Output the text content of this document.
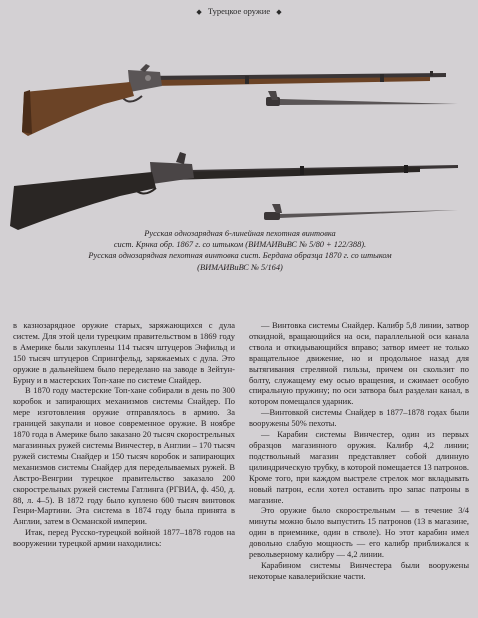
◆ Турецкое оружие ◆

Русская однозарядная 6-линейная пехотная винтовка

сист. Крнка обр. 1867 г. со штыком (ВИМАИВиВС № 5/80 + 122/388).

Русская однозарядная пехотная винтовка сист. Бердана образца 1870 г. со штыком

(ВИМАИВиВС № 5/164)

в казнозарядное оружие старых, заряжающихся с дула систем. Для этой цели турецким правительством в 1869 году в Америке были закуплены 114 тысяч штуцеров Энфильд и 150 тысяч штуцеров Спрингфельд, заряжаемых с дула. Это оружие в дальнейшем было переделано на заводе в Зейтун-Бурну и в мастерских Топ-хане по системе Снайдер.

В 1870 году мастерские Топ-хане собирали в день по 300 коробок и запирающих механизмов системы Снайдер. По мере изготовления оружие отправлялось в армию. За границей закупали и новое современное оружие. В ноябре 1870 года в Америке было заказано 20 тысяч скорострельных магазинных ружей системы Винчестер, в Англии – 170 тысяч ружей системы Снайдер и 150 тысяч коробок и запирающих механизмов системы Снайдер для переделываемых ружей. В Австро-Венгрии турецкое правительство заказало 200 скорострельных ружей системы Гатлинга (РГВИА, ф. 450, д. 88, л. 4–5). В 1872 году было куплено 600 тысяч винтовок Генри-Мартини. Эта система в 1874 году была принята в Англии, затем в Османской империи.

Итак, перед Русско-турецкой войной 1877–1878 годов на вооружении турецкой армии находились:

— Винтовка системы Снайдер. Калибр 5,8 линии, затвор откидной, вращающийся на оси, параллельной оси канала ствола и откидывающийся вправо; затвор имеет не только вращательное движение, но и продольное назад для вытягивания стреляной гильзы, причем он скользит по болту, служащему ему осью вращения, и сжимает особую спиральную пружину; по оси затвора был разделан канал, в котором помещался ударник.

—Винтовкой системы Снайдер в 1877–1878 годах были вооружены 50% пехоты.

— Карабин системы Винчестер, один из первых образцов магазинного оружия. Калибр 4,2 линии; подствольный магазин представляет собой длинную цилиндрическую трубку, в которой помещается 13 патронов. Кроме того, при каждом выстреле стрелок мог вкладывать новый патрон, если хотел оставить про запас патроны в магазине.

Это оружие было скорострельным — в течение 3/4 минуты можно было выпустить 15 патронов (13 в магазине, один в приемнике, один в стволе). Но этот карабин имел довольно слабую мощность — его калибр приближался к револьверному калибру — 4,2 линии.

Карабином системы Винчестера были вооружены некоторые кавалерийские части.
